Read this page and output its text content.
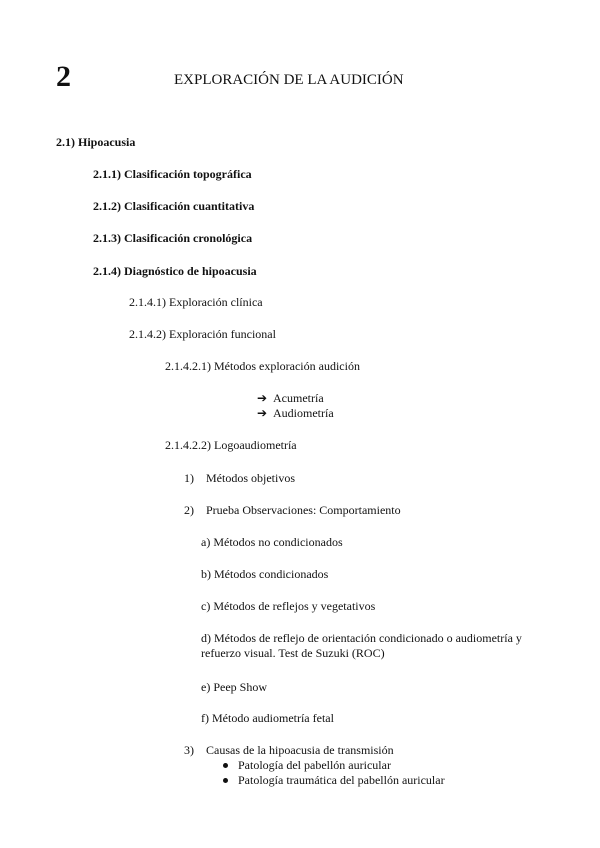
2	EXPLORACIÓN DE LA AUDICIÓN
2.1) Hipoacusia
2.1.1) Clasificación topográfica
2.1.2) Clasificación cuantitativa
2.1.3) Clasificación cronológica
2.1.4) Diagnóstico de hipoacusia
2.1.4.1) Exploración clínica
2.1.4.2) Exploración funcional
2.1.4.2.1) Métodos exploración audición
➔ Acumetría
➔ Audiometría
2.1.4.2.2) Logoaudiometría
1) Métodos objetivos
2) Prueba Observaciones: Comportamiento
a) Métodos no condicionados
b) Métodos condicionados
c) Métodos de reflejos y vegetativos
d) Métodos de reflejo de orientación condicionado o audiometría y refuerzo visual. Test de Suzuki (ROC)
e) Peep Show
f) Método audiometría fetal
3) Causas de la hipoacusia de transmisión
Patología del pabellón auricular
Patología traumática del pabellón auricular
